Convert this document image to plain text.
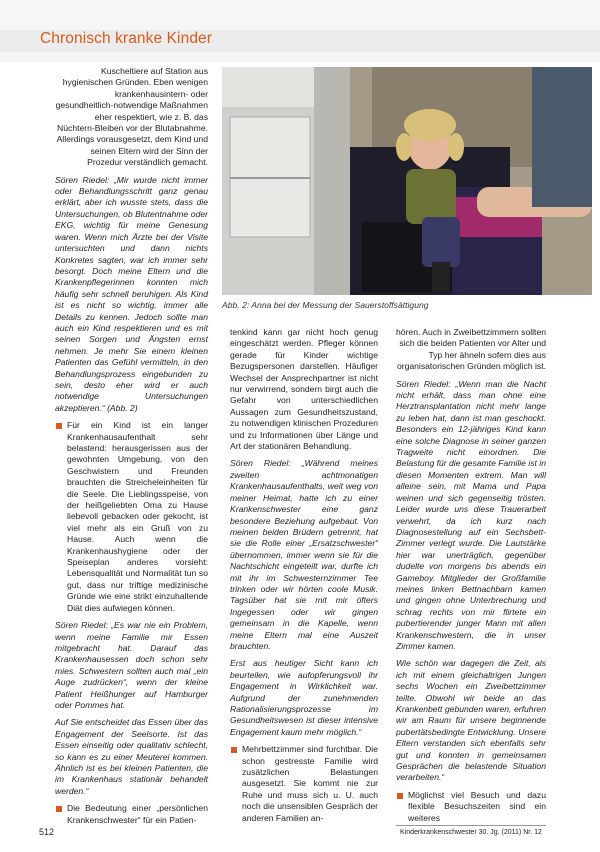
Chronisch kranke Kinder

Kuscheltiere auf Station aus hygienischen Gründen. Eben wenigen krankenhausintern- oder gesundheitlich-notwendige Maßnahmen eher respektiert, wie z. B. das Nüchtern-Bleiben vor der Blutabnahme. Allerdings vorausgesetzt, dem Kind und seinen Eltern wird der Sinn der Prozedur verständlich gemacht.

Sören Riedel: „Mir wurde nicht immer oder Behandlungsschritt ganz genau erklärt, aber ich wusste stets, dass die Untersuchungen, ob Blutentnahme oder EKG, wichtig für meine Genesung waren. Wenn mich Ärzte bei der Visite untersuchten und dann nichts Konkretes sagten, war ich immer sehr besorgt. Doch meine Eltern und die Krankenpflegerinnen konnten mich häufig sehr schnell beruhigen. Als Kind ist es nicht so wichtig, immer alle Details zu kennen. Jedoch sollte man auch ein Kind respektieren und es mit seinen Sorgen und Ängsten ernst nehmen. Je mehr Sie einem kleinen Patienten das Gefühl vermitteln, in den Behandlungsprozess eingebunden zu sein, desto eher wird er auch notwendige Untersuchungen akzeptieren.“ (Abb. 2)

Für ein Kind ist ein langer Krankenhausaufenthalt sehr belastend: herausgerissen aus der gewohnten Umgebung, von den Geschwistern und Freunden brauchten die Streicheleinheiten für die Seele. Die Lieblingsspeise, von der heißgeliebten Oma zu Hause liebevoll gebacken oder gekocht, ist viel mehr als ein Gruß von zu Hause. Auch wenn die Krankenhaushygiene oder der Speiseplan anderes vorsieht: Lebensqualität und Normalität tun so gut, dass nur triftige medizinische Gründe wie eine strikt einzuhaltende Diät dies aufwiegen können.

Sören Riedel: „Es war nie ein Problem, wenn meine Familie mir Essen mitgebracht hat. Darauf das Krankenhausessen doch schon sehr mies. Schwestern sollten auch mal „ein Auge zudrücken“, wenn der kleine Patient Heißhunger auf Hamburger oder Pommes hat.

Auf Sie entscheidet das Essen über das Engagement der Seelsorte. Ist das Essen einseitig oder qualitativ schlecht, so kann es zu einer Meuterei kommen. Ähnlich ist es bei kleinen Patienten, die im Krankenhaus stationär behandelt werden.“

Die Bedeutung einer „persönlichen Krankenschwester“ für ein Patien-
Abb. 2: Anna bei der Messung der Sauerstoffsättigung

tenkind kann gar nicht hoch genug eingeschätzt werden. Pfleger können gerade für Kinder wichtige Bezugspersonen darstellen. Häufiger Wechsel der Ansprechpartner ist nicht nur verwirrend, sondern birgt auch die Gefahr von unterschiedlichen Aussagen zum Gesundheitszustand, zu notwendigen klinischen Prozeduren und zu Informationen über Länge und Art der stationären Behandlung.

Sören Riedel: „Während meines zweiten achtmonatigen Krankenhausaufenthalts, weit weg von meiner Heimat, hatte ich zu einer Krankenschwester eine ganz besondere Beziehung aufgebaut. Von meinen beiden Brüdern getrennt, hat sie die Rolle einer „Ersatzschwester“ übernommen, immer wenn sie für die Nachtschicht eingeteilt war, durfte ich mit ihr im Schwesternzimmer Tee trinken oder wir hörten coole Musik. Tagsüber hat sie mit mir öfters Ingegessen oder wir gingen gemeinsam in die Kapelle, wenn meine Eltern mal eine Auszeit brauchten.

Erst aus heutiger Sicht kann ich beurteilen, wie aufopferungsvoll ihr Engagement in Wirklichkeit war. Aufgrund der zunehmenden Rationalisierungsprozesse im Gesundheitswesen ist dieser intensive Engagement kaum mehr möglich.“

Mehrbettzimmer sind furchtbar. Die schon gestresste Familie wird zusätzlichen Belastungen ausgesetzt. Sie kommt nie zur Ruhe und muss sich u. U. auch noch die unsensiblen Gespräch der anderen Familien an-

hören. Auch in Zweibettzimmern sollten sich die beiden Patienten vor Alter und Typ her ähneln sofern dies aus organisatorischen Gründen möglich ist.

Sören Riedel: „Wenn man die Nacht nicht erhält, dass man ohne eine Herztransplantation nicht mehr lange zu leben hat, dann ist man geschockt. Besonders ein 12-jähriges Kind kann eine solche Diagnose in seiner ganzen Tragweite nicht einordnen. Die Belastung für die gesamte Familie ist in diesen Momenten extrem. Man will alleine sein, mit Mama und Papa weinen und sich gegenseitig trösten. Leider wurde uns diese Trauerarbeit verwehrt, da ich kurz nach Diagnosestellung auf ein Sechsbett-Zimmer verlegt wurde. Die Lautstärke hier war unerträglich, gegenüber dudelte von morgens bis abends ein Gameboy. Mitglieder der Großfamilie meines linken Bettnachbarn kamen und gingen ohne Unterbrechung und schrag rechts von mir flirtete ein pubertierender junger Mann mit allen Krankenschwestern, die in unser Zimmer kamen.

Wie schön war dagegen die Zeit, als ich mit einem gleichaltrigen Jungen sechs Wochen ein Zweibettzimmer teilte. Obwohl wir beide an das Krankenbett gebunden waren, erfuhren wir am Raum für unsere beginnende pubertätsbedingte Entwicklung. Unsere Eltern verstanden sich ebenfalls sehr gut und konnten in gemeinsamen Gesprächen die belastende Situation verarbeiten.“

Möglichst viel Besuch und dazu flexible Besuchszeiten sind ein weiteres
512	Kinderkrankenschwester 30. Jg. (2011) Nr. 12
